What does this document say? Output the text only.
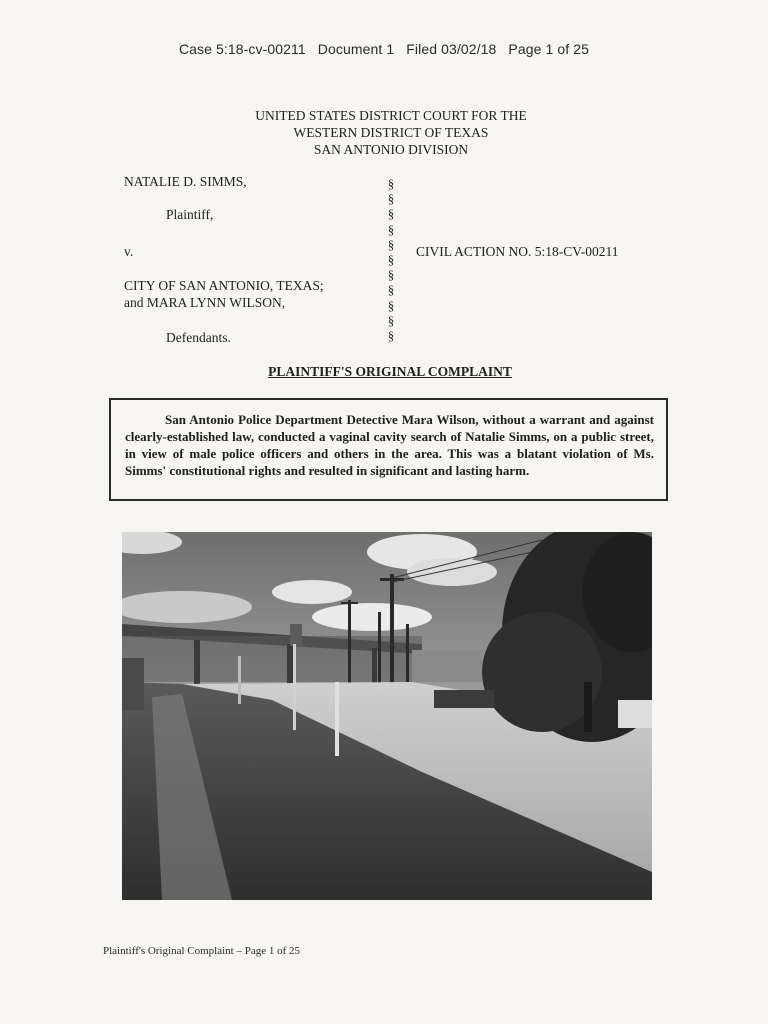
Case 5:18-cv-00211 Document 1 Filed 03/02/18 Page 1 of 25
UNITED STATES DISTRICT COURT FOR THE
WESTERN DISTRICT OF TEXAS
SAN ANTONIO DIVISION
NATALIE D. SIMMS,
Plaintiff,
v.
CITY OF SAN ANTONIO, TEXAS;
and MARA LYNN WILSON,
Defendants.
§
§
§
§
§
§
§
§
§
§
§
CIVIL ACTION NO. 5:18-CV-00211
PLAINTIFF'S ORIGINAL COMPLAINT
San Antonio Police Department Detective Mara Wilson, without a warrant and against clearly-established law, conducted a vaginal cavity search of Natalie Simms, on a public street, in view of male police officers and others in the area. This was a blatant violation of Ms. Simms' constitutional rights and resulted in significant and lasting harm.
Plaintiff's Original Complaint – Page 1 of 25
